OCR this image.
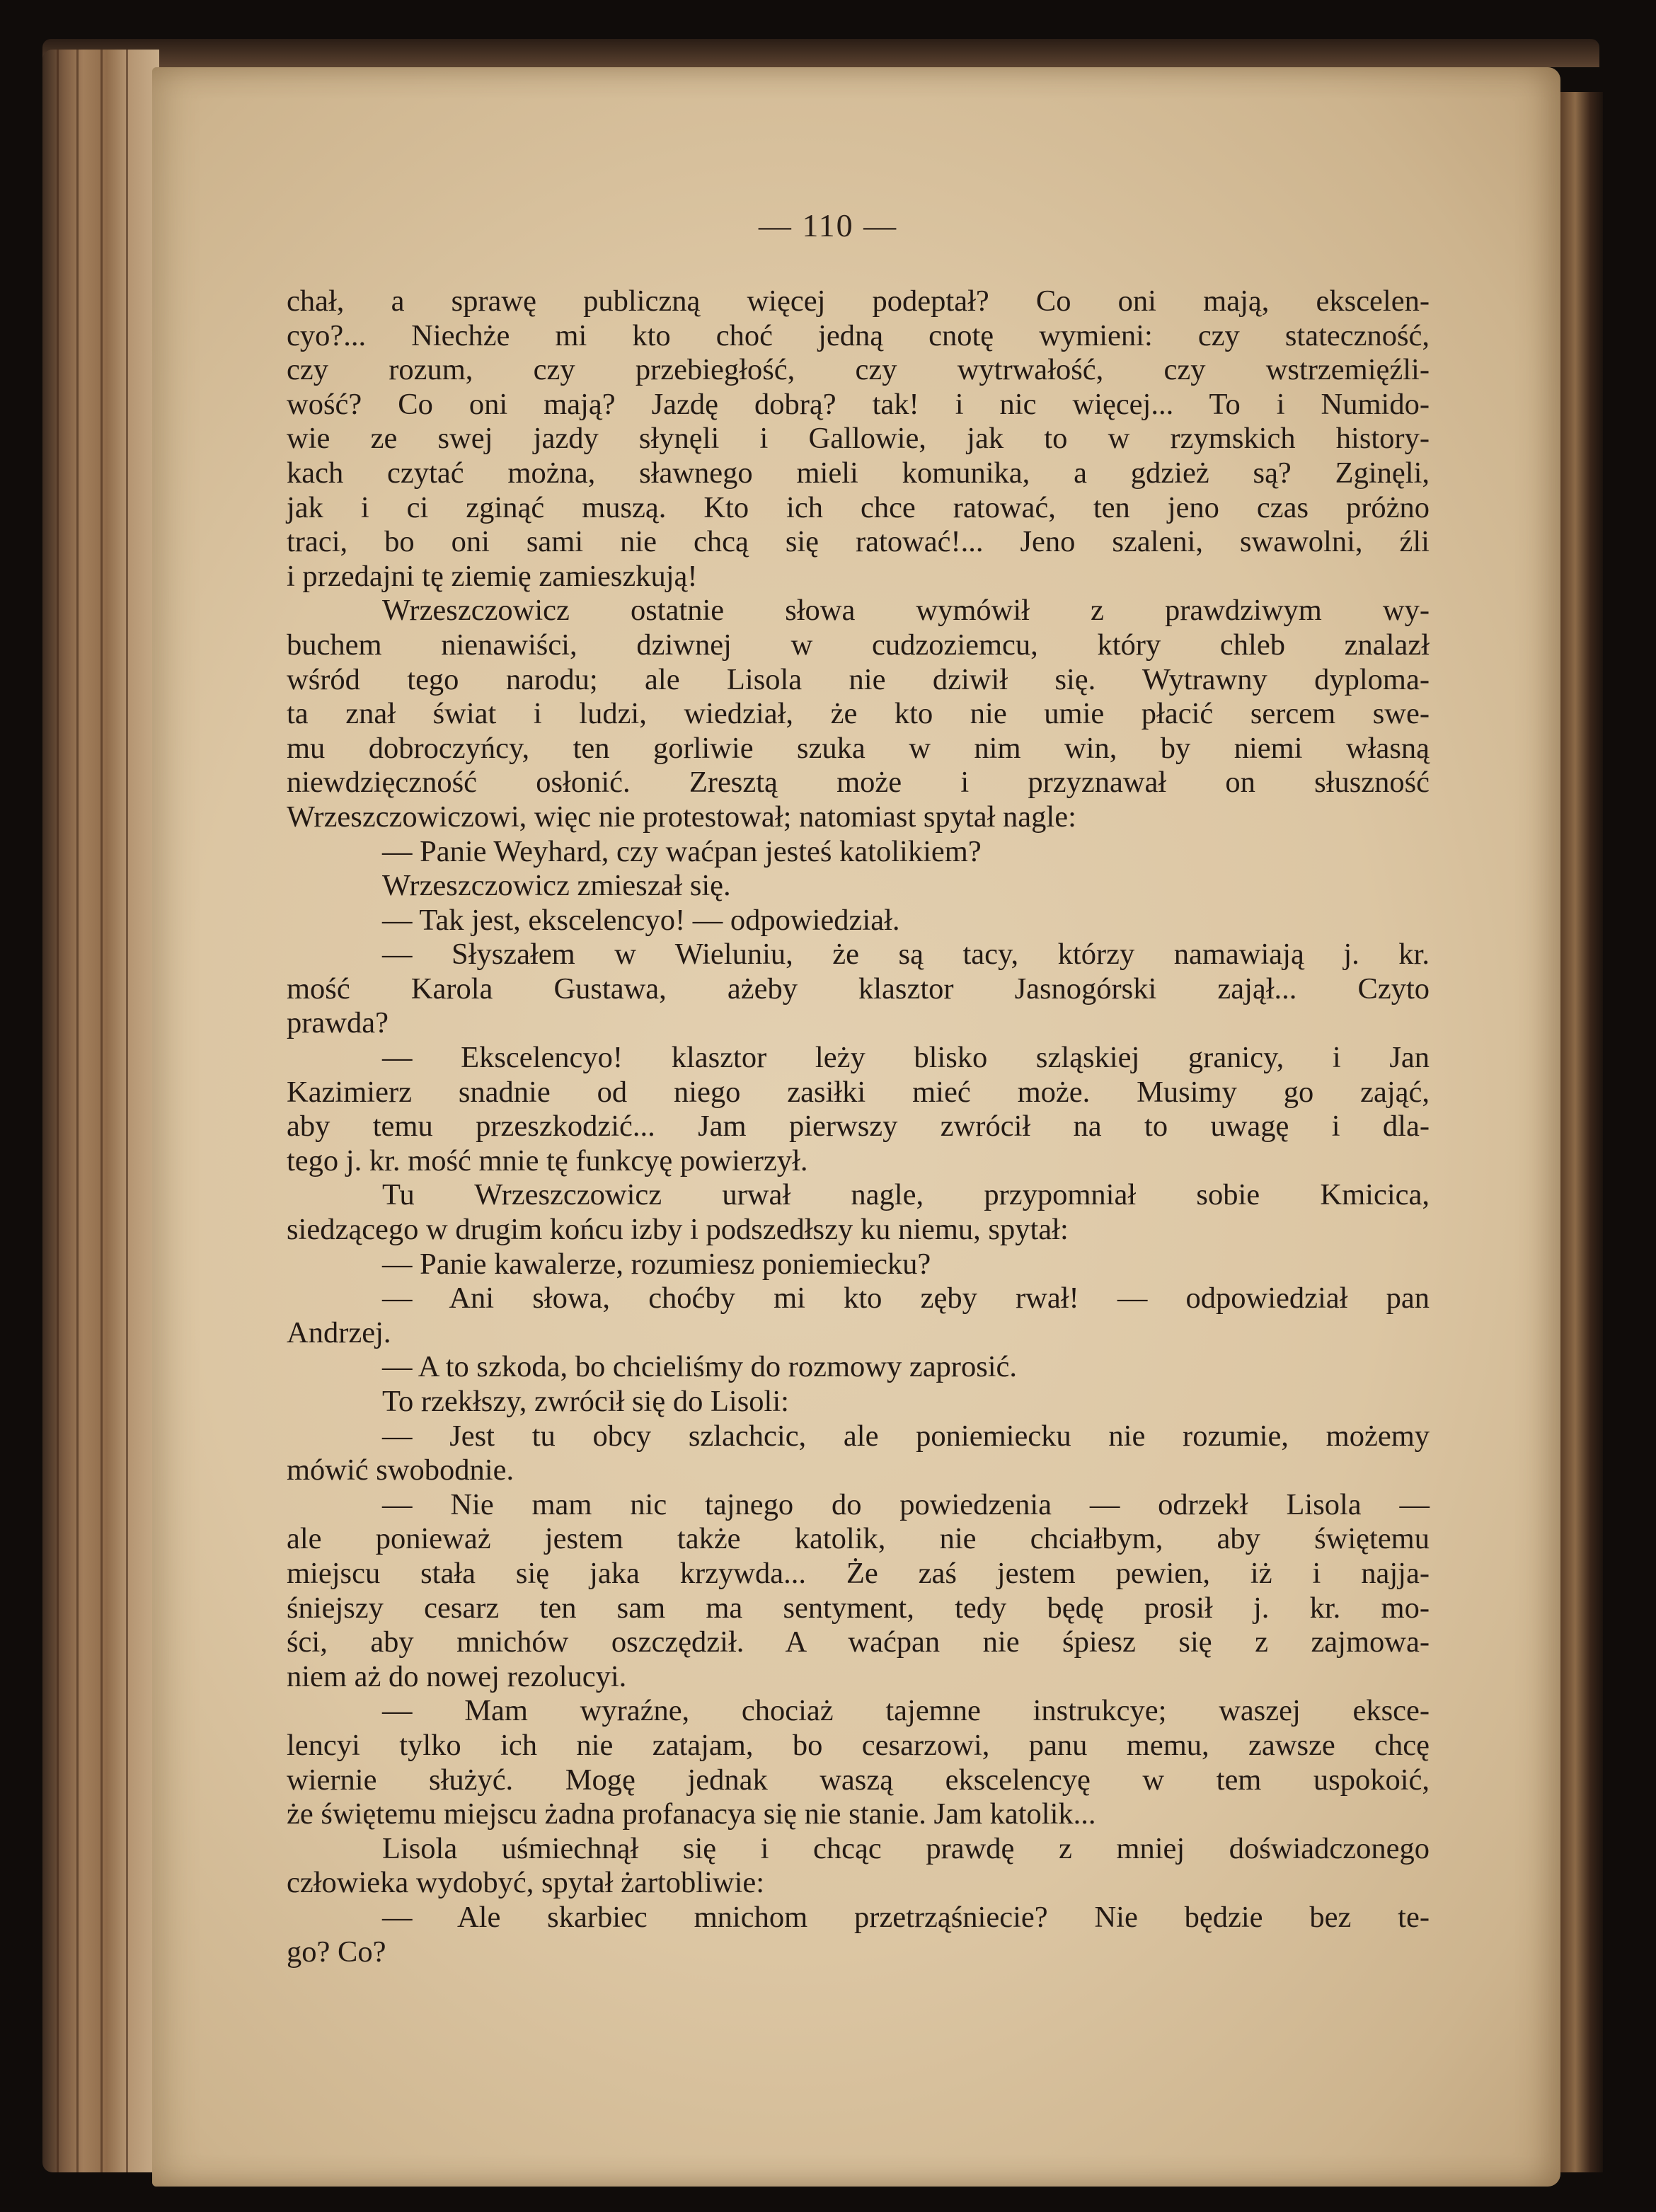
— 110 —
chał, a sprawę publiczną więcej podeptał? Co oni mają, ekscelen-
cyo?... Niechże mi kto choć jedną cnotę wymieni: czy stateczność,
czy rozum, czy przebiegłość, czy wytrwałość, czy wstrzemięźli-
wość? Co oni mają? Jazdę dobrą? tak! i nic więcej... To i Numido-
wie ze swej jazdy słynęli i Gallowie, jak to w rzymskich history-
kach czytać można, sławnego mieli komunika, a gdzież są? Zginęli,
jak i ci zginąć muszą. Kto ich chce ratować, ten jeno czas próżno
traci, bo oni sami nie chcą się ratować!... Jeno szaleni, swawolni, źli
i przedajni tę ziemię zamieszkują!
Wrzeszczowicz ostatnie słowa wymówił z prawdziwym wy-
buchem nienawiści, dziwnej w cudzoziemcu, który chleb znalazł
wśród tego narodu; ale Lisola nie dziwił się. Wytrawny dyploma-
ta znał świat i ludzi, wiedział, że kto nie umie płacić sercem swe-
mu dobroczyńcy, ten gorliwie szuka w nim win, by niemi własną
niewdzięczność osłonić. Zresztą może i przyznawał on słuszność
Wrzeszczowiczowi, więc nie protestował; natomiast spytał nagle:
— Panie Weyhard, czy waćpan jesteś katolikiem?
Wrzeszczowicz zmieszał się.
— Tak jest, ekscelencyo! — odpowiedział.
— Słyszałem w Wieluniu, że są tacy, którzy namawiają j. kr.
mość Karola Gustawa, ażeby klasztor Jasnogórski zajął... Czyto
prawda?
— Ekscelencyo! klasztor leży blisko szląskiej granicy, i Jan
Kazimierz snadnie od niego zasiłki mieć może. Musimy go zająć,
aby temu przeszkodzić... Jam pierwszy zwrócił na to uwagę i dla-
tego j. kr. mość mnie tę funkcyę powierzył.
Tu Wrzeszczowicz urwał nagle, przypomniał sobie Kmicica,
siedzącego w drugim końcu izby i podszedłszy ku niemu, spytał:
— Panie kawalerze, rozumiesz poniemiecku?
— Ani słowa, choćby mi kto zęby rwał! — odpowiedział pan
Andrzej.
— A to szkoda, bo chcieliśmy do rozmowy zaprosić.
To rzekłszy, zwrócił się do Lisoli:
— Jest tu obcy szlachcic, ale poniemiecku nie rozumie, możemy
mówić swobodnie.
— Nie mam nic tajnego do powiedzenia — odrzekł Lisola —
ale ponieważ jestem także katolik, nie chciałbym, aby świętemu
miejscu stała się jaka krzywda... Że zaś jestem pewien, iż i najja-
śniejszy cesarz ten sam ma sentyment, tedy będę prosił j. kr. mo-
ści, aby mnichów oszczędził. A waćpan nie śpiesz się z zajmowa-
niem aż do nowej rezolucyi.
— Mam wyraźne, chociaż tajemne instrukcye; waszej eksce-
lencyi tylko ich nie zatajam, bo cesarzowi, panu memu, zawsze chcę
wiernie służyć. Mogę jednak waszą ekscelencyę w tem uspokoić,
że świętemu miejscu żadna profanacya się nie stanie. Jam katolik...
Lisola uśmiechnął się i chcąc prawdę z mniej doświadczonego
człowieka wydobyć, spytał żartobliwie:
— Ale skarbiec mnichom przetrząśniecie? Nie będzie bez te-
go? Co?
